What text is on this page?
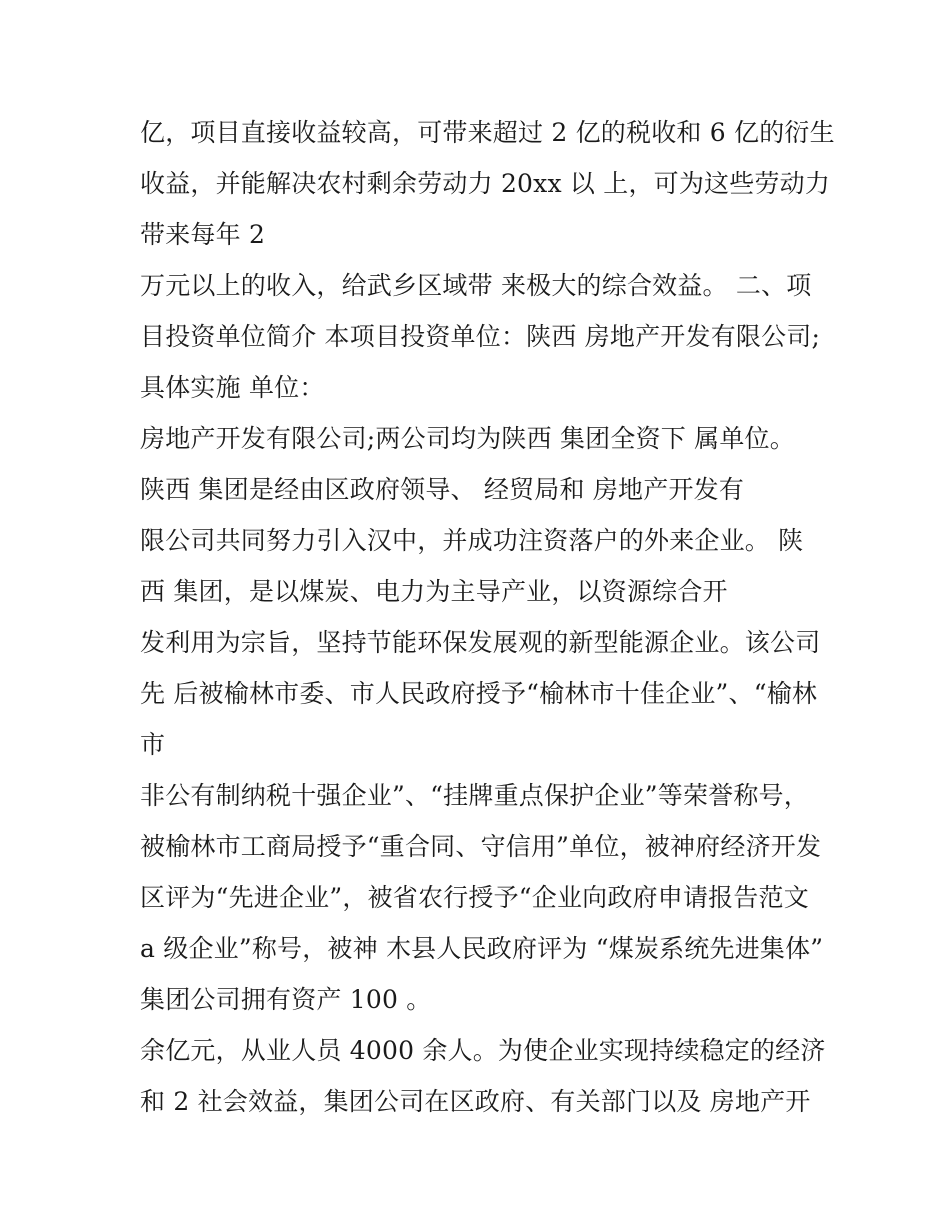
亿，项目直接收益较高，可带来超过 2 亿的税收和 6 亿的衍生
收益，并能解决农村剩余劳动力 20xx 以 上，可为这些劳动力
带来每年 2
万元以上的收入，给武乡区域带 来极大的综合效益。 二、项
目投资单位简介 本项目投资单位：陕西 房地产开发有限公司;
具体实施 单位：
房地产开发有限公司;两公司均为陕西 集团全资下 属单位。
陕西 集团是经由区政府领导、 经贸局和 房地产开发有
限公司共同努力引入汉中，并成功注资落户的外来企业。 陕
西 集团，是以煤炭、电力为主导产业，以资源综合开
发利用为宗旨，坚持节能环保发展观的新型能源企业。该公司
先 后被榆林市委、市人民政府授予“榆林市十佳企业”、“榆林
市
非公有制纳税十强企业”、“挂牌重点保护企业”等荣誉称号，
被榆林市工商局授予“重合同、守信用”单位，被神府经济开发
区评为“先进企业”，被省农行授予“企业向政府申请报告范文
a 级企业”称号，被神 木县人民政府评为 “煤炭系统先进集体”
集团公司拥有资产 100 。
余亿元，从业人员 4000 余人。为使企业实现持续稳定的经济
和 2 社会效益，集团公司在区政府、有关部门以及 房地产开
